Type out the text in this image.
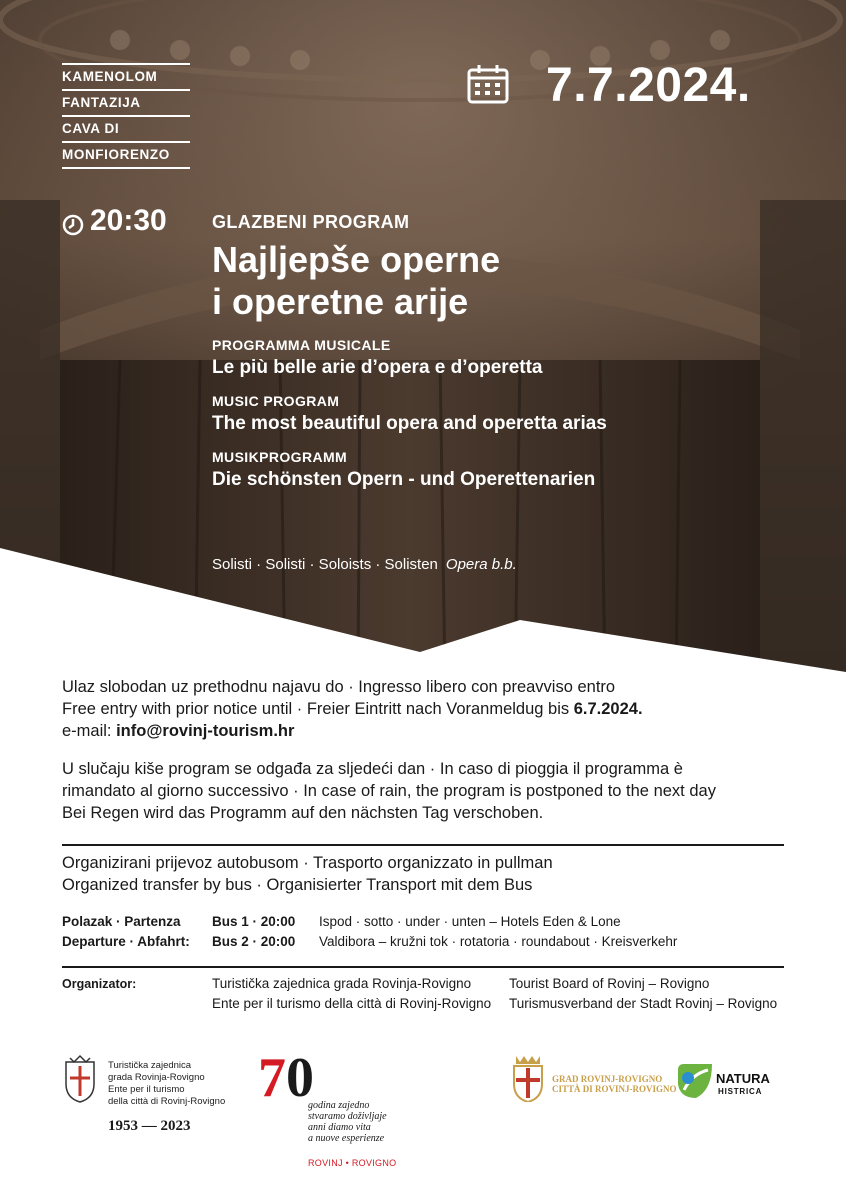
KAMENOLOM
FANTAZIJA
CAVA DI
MONFIORENZO
7.7.2024.
20:30	GLAZBENI PROGRAM
Najljepše operne
i operetne arije
PROGRAMMA MUSICALE
Le più belle arie d’opera e d’operetta
MUSIC PROGRAM
The most beautiful opera and operetta arias
MUSIKPROGRAMM
Die schönsten Opern - und Operettenarien
Solisti · Solisti · Soloists · Solisten Opera b.b.
Ulaz slobodan uz prethodnu najavu do · Ingresso libero con preavviso entro
Free entry with prior notice until · Freier Eintritt nach Voranmeldug bis 6.7.2024.
e-mail: info@rovinj-tourism.hr
U slučaju kiše program se odgađa za sljedeći dan · In caso di pioggia il programma è
rimandato al giorno successivo · In case of rain, the program is postponed to the next day
Bei Regen wird das Programm auf den nächsten Tag verschoben.
Organizirani prijevoz autobusom · Trasporto organizzato in pullman
Organized transfer by bus · Organisierter Transport mit dem Bus
Polazak · Partenza Bus 1 · 20:00 Ispod · sotto · under · unten – Hotels Eden & Lone
Departure · Abfahrt: Bus 2 · 20:00 Valdibora – kružni tok · rotatoria · roundabout · Kreisverkehr
Organizator:	Turistička zajednica grada Rovinja-Rovigno
Ente per il turismo della città di Rovinj-Rovigno
Tourist Board of Rovinj – Rovigno
Turismusverband der Stadt Rovinj – Rovigno
Turistička zajednica
grada Rovinja-Rovigno
Ente per il turismo
della città di Rovinj-Rovigno
1953 — 2023
70
godina zajedno
stvaramo doživljaje
anni diamo vita
a nuove esperienze
ROVINJ • ROVIGNO
GRAD ROVINJ-ROVIGNO
CITTÀ DI ROVINJ-ROVIGNO
NATURA
HISTRICA
